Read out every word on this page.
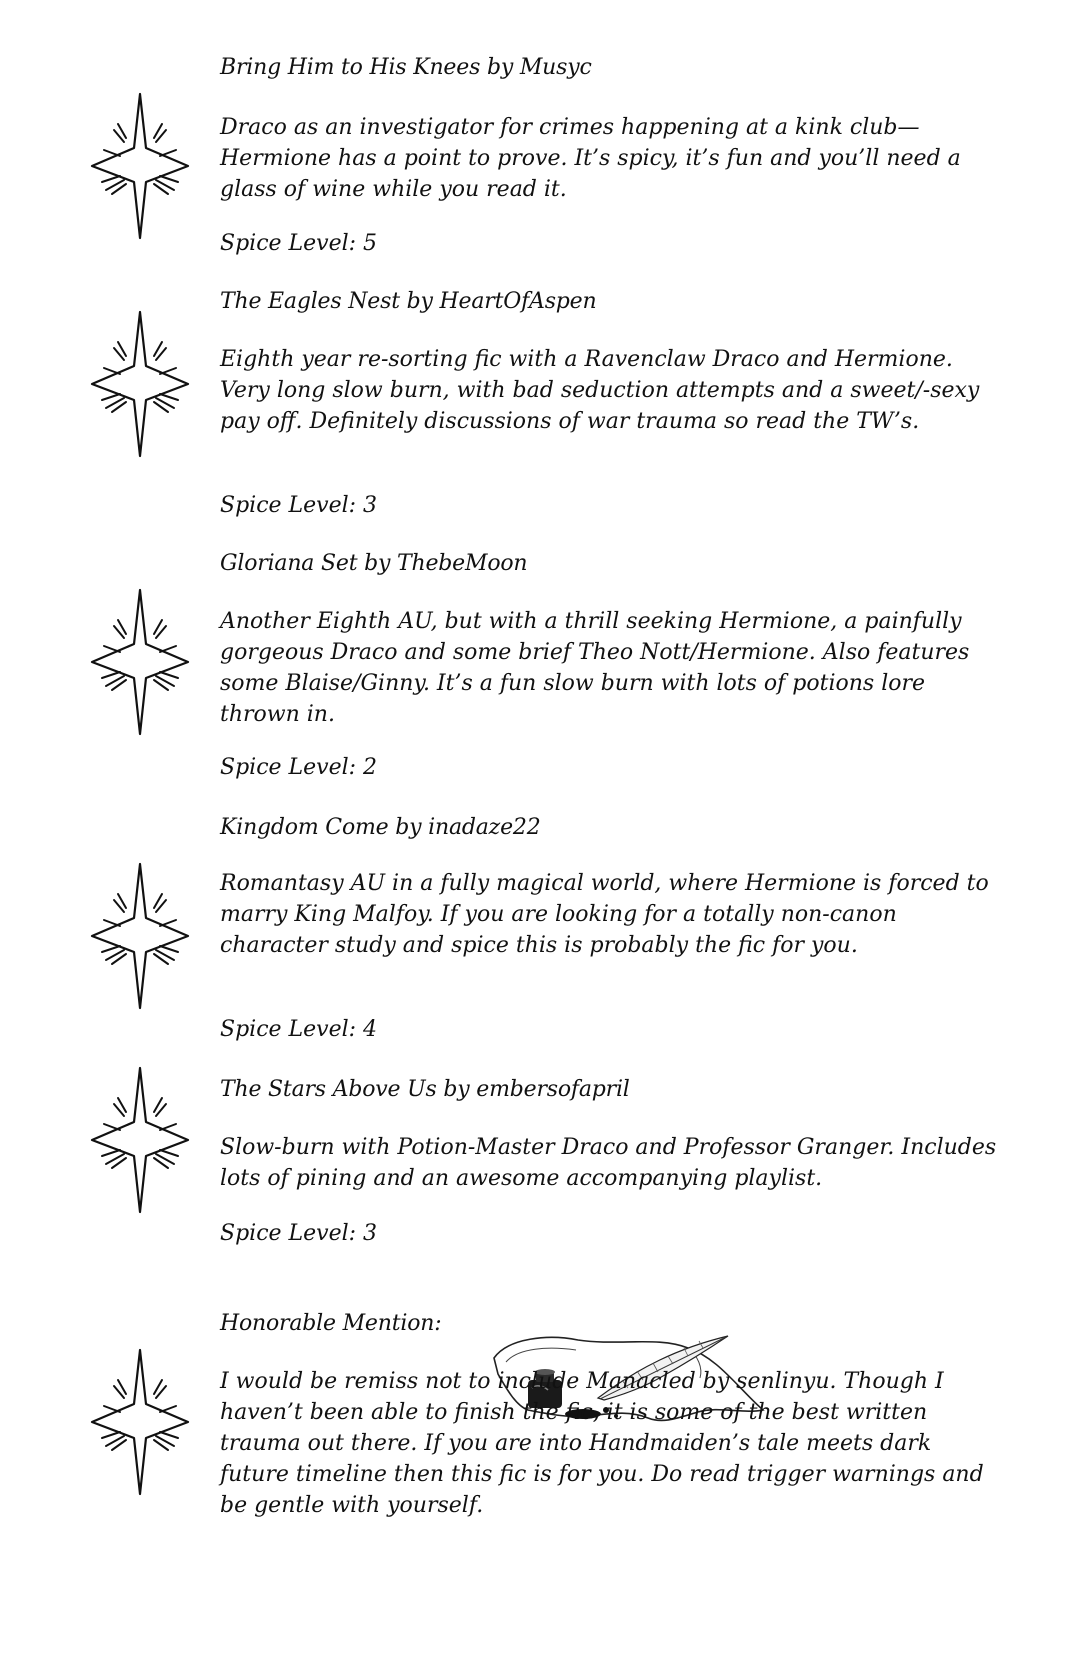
Bring Him to His Knees by Musyc

Draco as an investigator for crimes happening at a kink club—Hermione has a point to prove. It’s spicy, it’s fun and you’ll need a glass of wine while you read it.

Spice Level: 5

The Eagles Nest by HeartOfAspen

Eighth year re-sorting fic with a Ravenclaw Draco and Hermione. Very long slow burn, with bad seduction attempts and a sweet/-sexy pay off. Definitely discussions of war trauma so read the TW’s.

Spice Level: 3

Gloriana Set by ThebeMoon

Another Eighth AU, but with a thrill seeking Hermione, a painfully gorgeous Draco and some brief Theo Nott/Hermione. Also features some Blaise/Ginny. It’s a fun slow burn with lots of potions lore thrown in.

Spice Level: 2

Kingdom Come by inadaze22

Romantasy AU in a fully magical world, where Hermione is forced to marry King Malfoy. If you are looking for a totally non-canon character study and spice this is probably the fic for you.

Spice Level: 4

The Stars Above Us by embersofapril

Slow-burn with Potion-Master Draco and Professor Granger. Includes lots of pining and an awesome accompanying playlist.

Spice Level: 3

Honorable Mention:

I would be remiss not to include Manacled by senlinyu. Though I haven’t been able to finish the fic, it is some of the best written trauma out there. If you are into Handmaiden’s tale meets dark future timeline then this fic is for you. Do read trigger warnings and be gentle with yourself.
